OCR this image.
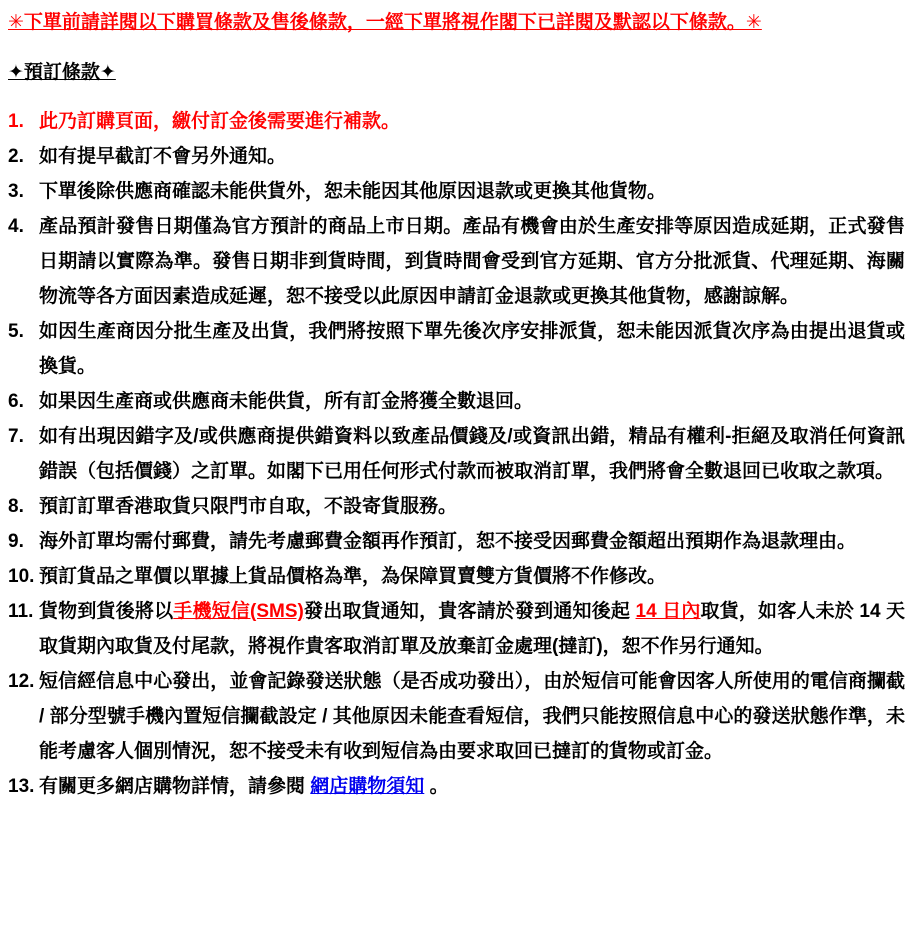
✳下單前請詳閱以下購買條款及售後條款，一經下單將視作閣下已詳閱及默認以下條款。✳
✦預訂條款✦
1. 此乃訂購頁面，繳付訂金後需要進行補款。
2. 如有提早截訂不會另外通知。
3. 下單後除供應商確認未能供貨外，恕未能因其他原因退款或更換其他貨物。
4. 產品預計發售日期僅為官方預計的商品上市日期。產品有機會由於生產安排等原因造成延期，正式發售日期請以實際為準。發售日期非到貨時間，到貨時間會受到官方延期、官方分批派貨、代理延期、海關物流等各方面因素造成延遲，恕不接受以此原因申請訂金退款或更換其他貨物，感謝諒解。
5. 如因生產商因分批生產及出貨，我們將按照下單先後次序安排派貨，恕未能因派貨次序為由提出退貨或換貨。
6. 如果因生產商或供應商未能供貨，所有訂金將獲全數退回。
7. 如有出現因錯字及/或供應商提供錯資料以致產品價錢及/或資訊出錯，精品有權利-拒絕及取消任何資訊錯誤（包括價錢）之訂單。如閣下已用任何形式付款而被取消訂單，我們將會全數退回已收取之款項。
8. 預訂訂單香港取貨只限門市自取，不設寄貨服務。
9. 海外訂單均需付郵費，請先考慮郵費金額再作預訂，恕不接受因郵費金額超出預期作為退款理由。
10. 預訂貨品之單價以單據上貨品價格為準，為保障買賣雙方貨價將不作修改。
11. 貨物到貨後將以手機短信(SMS)發出取貨通知，貴客請於發到通知後起 14 日內取貨，如客人未於 14 天取貨期內取貨及付尾款，將視作貴客取消訂單及放棄訂金處理(撻訂)，恕不作另行通知。
12. 短信經信息中心發出，並會記錄發送狀態（是否成功發出），由於短信可能會因客人所使用的電信商攔截 / 部分型號手機內置短信攔截設定 / 其他原因未能查看短信，我們只能按照信息中心的發送狀態作準，未能考慮客人個別情況，恕不接受未有收到短信為由要求取回已撻訂的貨物或訂金。
13. 有關更多網店購物詳情，請參閱 網店購物須知 。
